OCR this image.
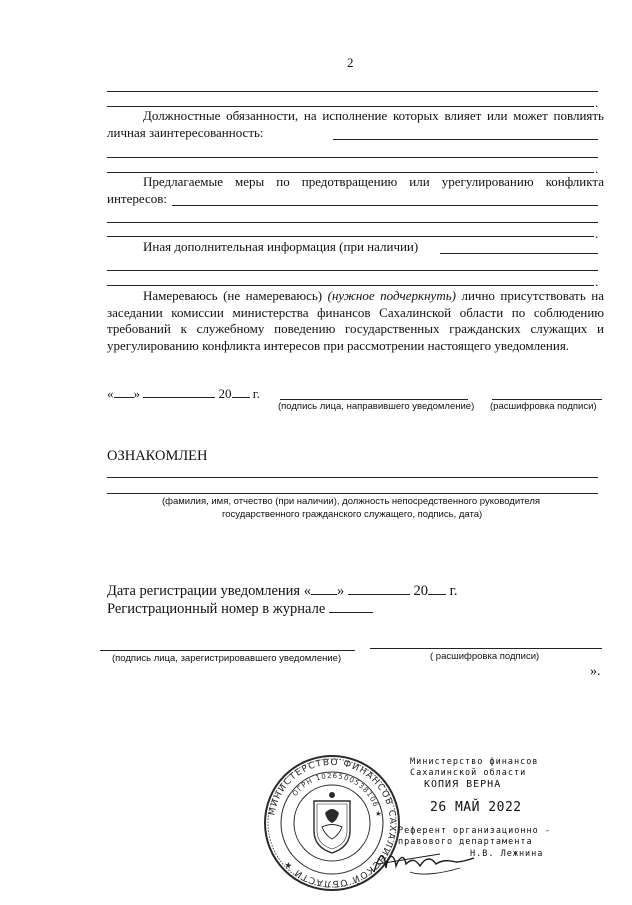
2
.
Должностные обязанности, на исполнение которых влияет или может повлиять личная заинтересованность:
.
Предлагаемые меры по предотвращению или урегулированию конфликта интересов:
.
Иная дополнительная информация (при наличии)
.
Намереваюсь (не намереваюсь) (нужное подчеркнуть) лично присутствовать на заседании комиссии министерства финансов Сахалинской области по соблюдению требований к служебному поведению государственных гражданских служащих и урегулированию конфликта интересов при рассмотрении настоящего уведомления.
« »	20 г.
(подпись лица, направившего уведомление) (расшифровка подписи)
ОЗНАКОМЛЕН
(фамилия, имя, отчество (при наличии), должность непосредственного руководителя
государственного гражданского служащего, подпись, дата)
Дата регистрации уведомления « »	20 г.
Регистрационный номер в журнале
(подпись лица, зарегистрировавшего уведомление)	( расшифровка подписи)
».
МИНИСТЕРСТВО ФИНАНСОВ САХАЛИНСКОЙ ОБЛАСТИ ★
ОГРН 1026500538106 ★
Министерство финансов
Сахалинской области
КОПИЯ ВЕРНА
26 МАЙ 2022
Референт организационно -
правового департамента
Н.В. Лежнина
